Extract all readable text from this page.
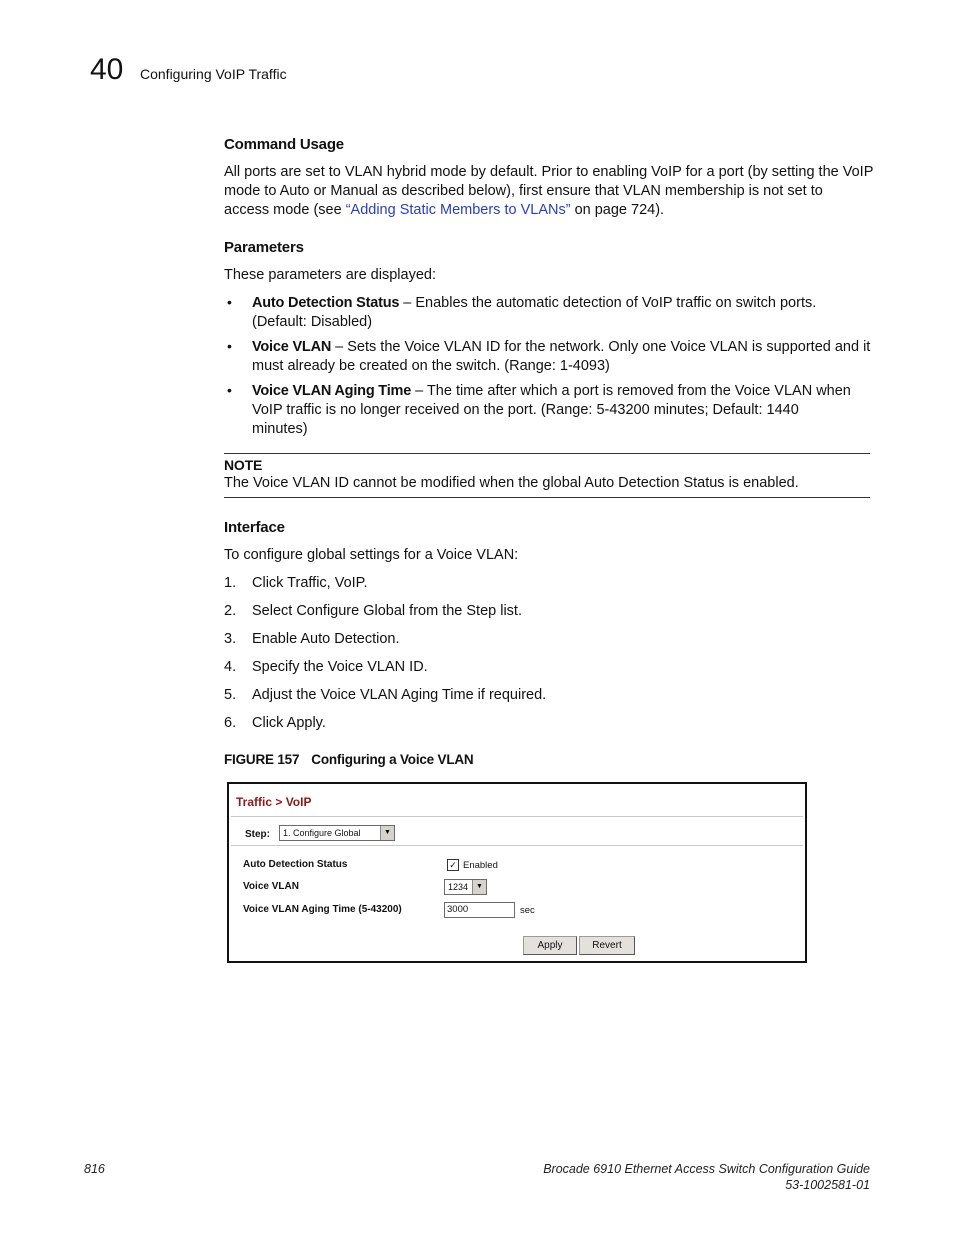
40 Configuring VoIP Traffic
Command Usage
All ports are set to VLAN hybrid mode by default. Prior to enabling VoIP for a port (by setting the VoIP
mode to Auto or Manual as described below), first ensure that VLAN membership is not set to
access mode (see “Adding Static Members to VLANs” on page 724).
Parameters
These parameters are displayed:
• Auto Detection Status – Enables the automatic detection of VoIP traffic on switch ports.
(Default: Disabled)
• Voice VLAN – Sets the Voice VLAN ID for the network. Only one Voice VLAN is supported and it
must already be created on the switch. (Range: 1-4093)
• Voice VLAN Aging Time – The time after which a port is removed from the Voice VLAN when
VoIP traffic is no longer received on the port. (Range: 5-43200 minutes; Default: 1440
minutes)
NOTE
The Voice VLAN ID cannot be modified when the global Auto Detection Status is enabled.
Interface
To configure global settings for a Voice VLAN:
1. Click Traffic, VoIP.
2. Select Configure Global from the Step list.
3. Enable Auto Detection.
4. Specify the Voice VLAN ID.
5. Adjust the Voice VLAN Aging Time if required.
6. Click Apply.
FIGURE 157 Configuring a Voice VLAN
Traffic > VoIP
Step: 1. Configure Global	▼
Auto Detection Status	✓ Enabled
Voice VLAN	1234	▼
Voice VLAN Aging Time (5-43200)	3000	sec
Apply	Revert
816	Brocade 6910 Ethernet Access Switch Configuration Guide
53-1002581-01
